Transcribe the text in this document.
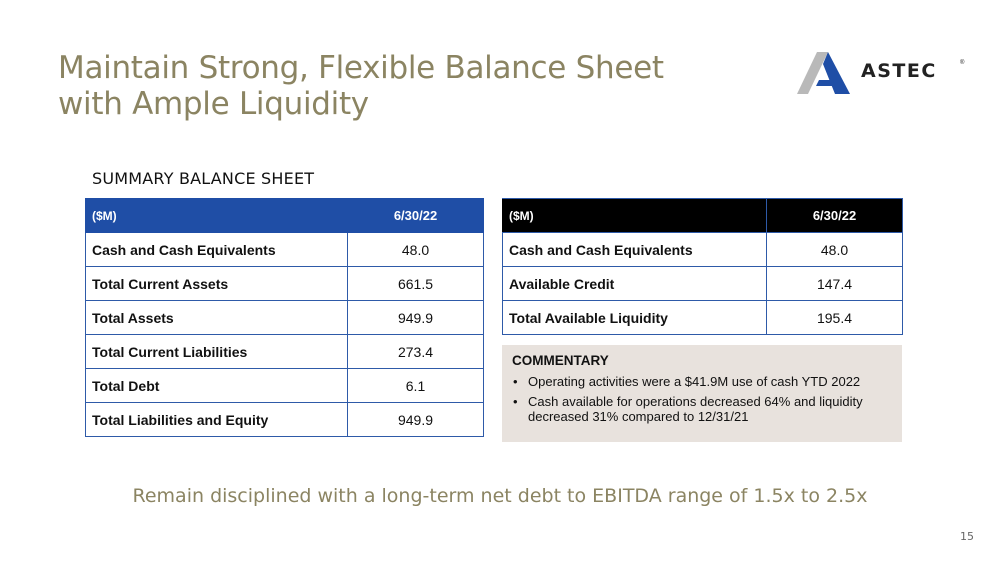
Maintain Strong, Flexible Balance Sheet
with Ample Liquidity
ASTEC	®
SUMMARY BALANCE SHEET
($M)	6/30/22
Cash and Cash Equivalents	48.0
Total Current Assets	661.5
Total Assets	949.9
Total Current Liabilities	273.4
Total Debt	6.1
Total Liabilities and Equity	949.9
($M)	6/30/22
Cash and Cash Equivalents	48.0
Available Credit	147.4
Total Available Liquidity	195.4
COMMENTARY
• Operating activities were a $41.9M use of cash YTD 2022
• Cash available for operations decreased 64% and liquidity decreased 31% compared to 12/31/21
Remain disciplined with a long-term net debt to EBITDA range of 1.5x to 2.5x
15
